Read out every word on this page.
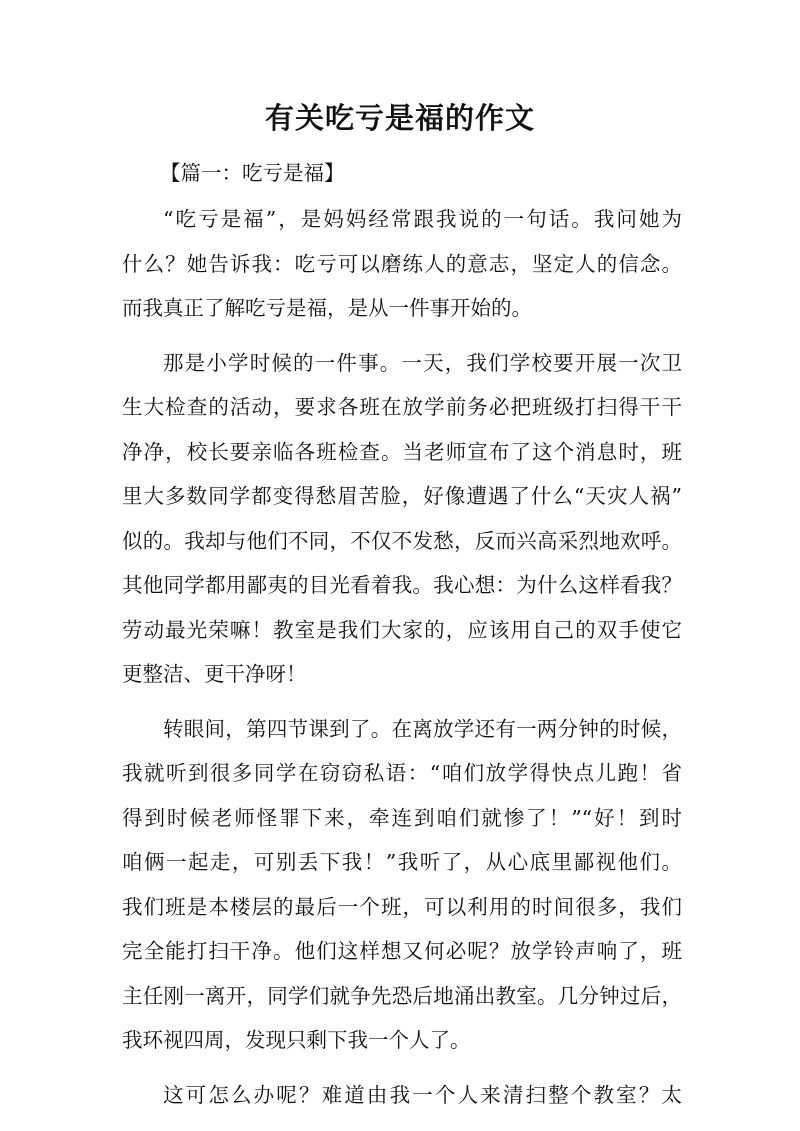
有关吃亏是福的作文
【篇一：吃亏是福】
“吃亏是福”，是妈妈经常跟我说的一句话。我问她为
什么？她告诉我：吃亏可以磨练人的意志，坚定人的信念。
而我真正了解吃亏是福，是从一件事开始的。
那是小学时候的一件事。一天，我们学校要开展一次卫
生大检查的活动，要求各班在放学前务必把班级打扫得干干
净净，校长要亲临各班检查。当老师宣布了这个消息时，班
里大多数同学都变得愁眉苦脸，好像遭遇了什么“天灾人祸”
似的。我却与他们不同，不仅不发愁，反而兴高采烈地欢呼。
其他同学都用鄙夷的目光看着我。我心想：为什么这样看我？
劳动最光荣嘛！教室是我们大家的，应该用自己的双手使它
更整洁、更干净呀！
转眼间，第四节课到了。在离放学还有一两分钟的时候，
我就听到很多同学在窃窃私语：“咱们放学得快点儿跑！省
得到时候老师怪罪下来，牵连到咱们就惨了！”“好！到时
咱俩一起走，可别丢下我！”我听了，从心底里鄙视他们。
我们班是本楼层的最后一个班，可以利用的时间很多，我们
完全能打扫干净。他们这样想又何必呢？放学铃声响了，班
主任刚一离开，同学们就争先恐后地涌出教室。几分钟过后，
我环视四周，发现只剩下我一个人了。
这可怎么办呢？难道由我一个人来清扫整个教室？太
